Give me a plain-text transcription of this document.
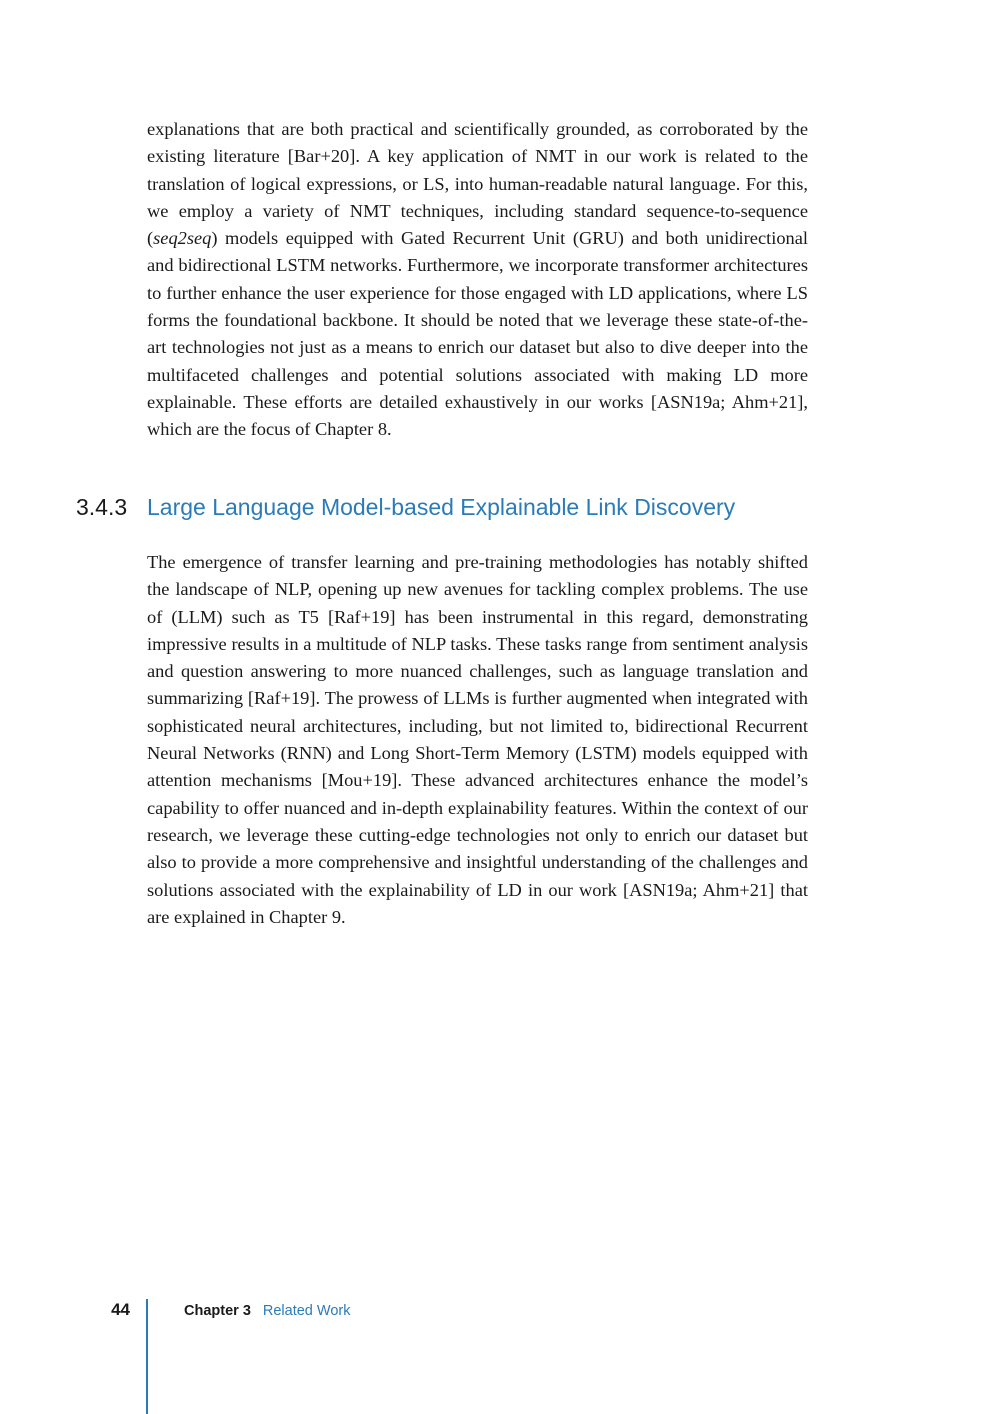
explanations that are both practical and scientifically grounded, as corroborated by the existing literature [Bar+20]. A key application of NMT in our work is related to the translation of logical expressions, or LS, into human-readable natural language. For this, we employ a variety of NMT techniques, including standard sequence-to-sequence (seq2seq) models equipped with Gated Recurrent Unit (GRU) and both unidirectional and bidirectional LSTM networks. Furthermore, we incorporate transformer architectures to further enhance the user experience for those engaged with LD applications, where LS forms the foundational backbone. It should be noted that we leverage these state-of-the-art technologies not just as a means to enrich our dataset but also to dive deeper into the multifaceted challenges and potential solutions associated with making LD more explainable. These efforts are detailed exhaustively in our works [ASN19a; Ahm+21], which are the focus of Chapter 8.

3.4.3 Large Language Model-based Explainable Link Discovery

The emergence of transfer learning and pre-training methodologies has notably shifted the landscape of NLP, opening up new avenues for tackling complex problems. The use of (LLM) such as T5 [Raf+19] has been instrumental in this regard, demonstrating impressive results in a multitude of NLP tasks. These tasks range from sentiment analysis and question answering to more nuanced challenges, such as language translation and summarizing [Raf+19]. The prowess of LLMs is further augmented when integrated with sophisticated neural architectures, including, but not limited to, bidirectional Recurrent Neural Networks (RNN) and Long Short-Term Memory (LSTM) models equipped with attention mechanisms [Mou+19]. These advanced architectures enhance the model’s capability to offer nuanced and in-depth explainability features. Within the context of our research, we leverage these cutting-edge technologies not only to enrich our dataset but also to provide a more comprehensive and insightful understanding of the challenges and solutions associated with the explainability of LD in our work [ASN19a; Ahm+21] that are explained in Chapter 9.

44	Chapter 3 Related Work
